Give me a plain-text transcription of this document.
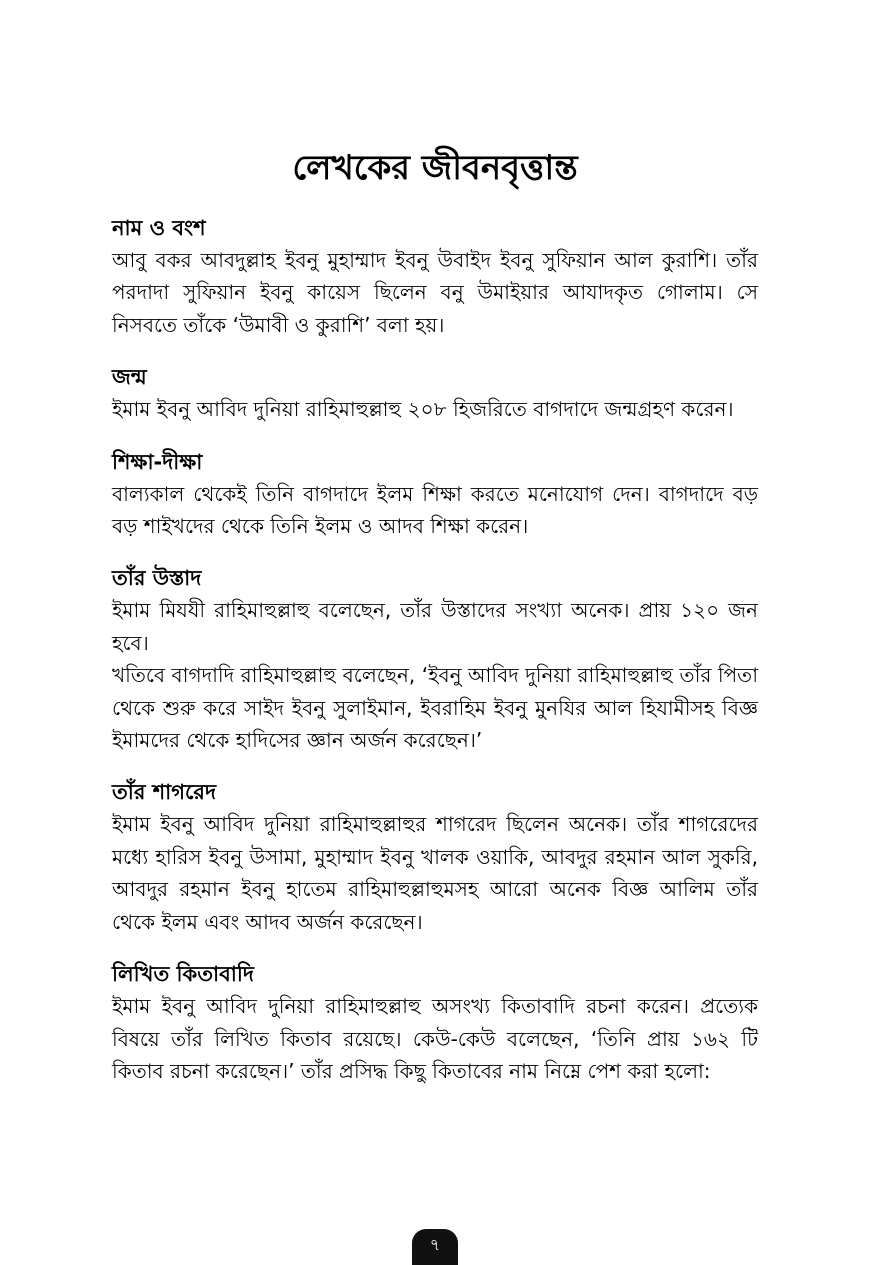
লেখকের জীবনবৃত্তান্ত
নাম ও বংশ

আবু বকর আবদুল্লাহ ইবনু মুহাম্মাদ ইবনু উবাইদ ইবনু সুফিয়ান আল কুরাশি। তাঁর পরদাদা সুফিয়ান ইবনু কায়েস ছিলেন বনু উমাইয়ার আযাদকৃত গোলাম। সে নিসবতে তাঁকে ‘উমাবী ও কুরাশি’ বলা হয়।

জন্ম

ইমাম ইবনু আবিদ দুনিয়া রাহিমাহুল্লাহু ২০৮ হিজরিতে বাগদাদে জন্মগ্রহণ করেন।

শিক্ষা-দীক্ষা

বাল্যকাল থেকেই তিনি বাগদাদে ইলম শিক্ষা করতে মনোযোগ দেন। বাগদাদে বড় বড় শাইখদের থেকে তিনি ইলম ও আদব শিক্ষা করেন।

তাঁর উস্তাদ

ইমাম মিযযী রাহিমাহুল্লাহু বলেছেন, তাঁর উস্তাদের সংখ্যা অনেক। প্রায় ১২০ জন হবে।

খতিবে বাগদাদি রাহিমাহুল্লাহু বলেছেন, ‘ইবনু আবিদ দুনিয়া রাহিমাহুল্লাহু তাঁর পিতা থেকে শুরু করে সাইদ ইবনু সুলাইমান, ইবরাহিম ইবনু মুনযির আল হিযামীসহ বিজ্ঞ ইমামদের থেকে হাদিসের জ্ঞান অর্জন করেছেন।’

তাঁর শাগরেদ

ইমাম ইবনু আবিদ দুনিয়া রাহিমাহুল্লাহুর শাগরেদ ছিলেন অনেক। তাঁর শাগরেদের মধ্যে হারিস ইবনু উসামা, মুহাম্মাদ ইবনু খালক ওয়াকি, আবদুর রহমান আল সুকরি, আবদুর রহমান ইবনু হাতেম রাহিমাহুল্লাহুমসহ আরো অনেক বিজ্ঞ আলিম তাঁর থেকে ইলম এবং আদব অর্জন করেছেন।

লিখিত কিতাবাদি

ইমাম ইবনু আবিদ দুনিয়া রাহিমাহুল্লাহু অসংখ্য কিতাবাদি রচনা করেন। প্রত্যেক বিষয়ে তাঁর লিখিত কিতাব রয়েছে। কেউ-কেউ বলেছেন, ‘তিনি প্রায় ১৬২ টি কিতাব রচনা করেছেন।’ তাঁর প্রসিদ্ধ কিছু কিতাবের নাম নিম্নে পেশ করা হলো:

৭
